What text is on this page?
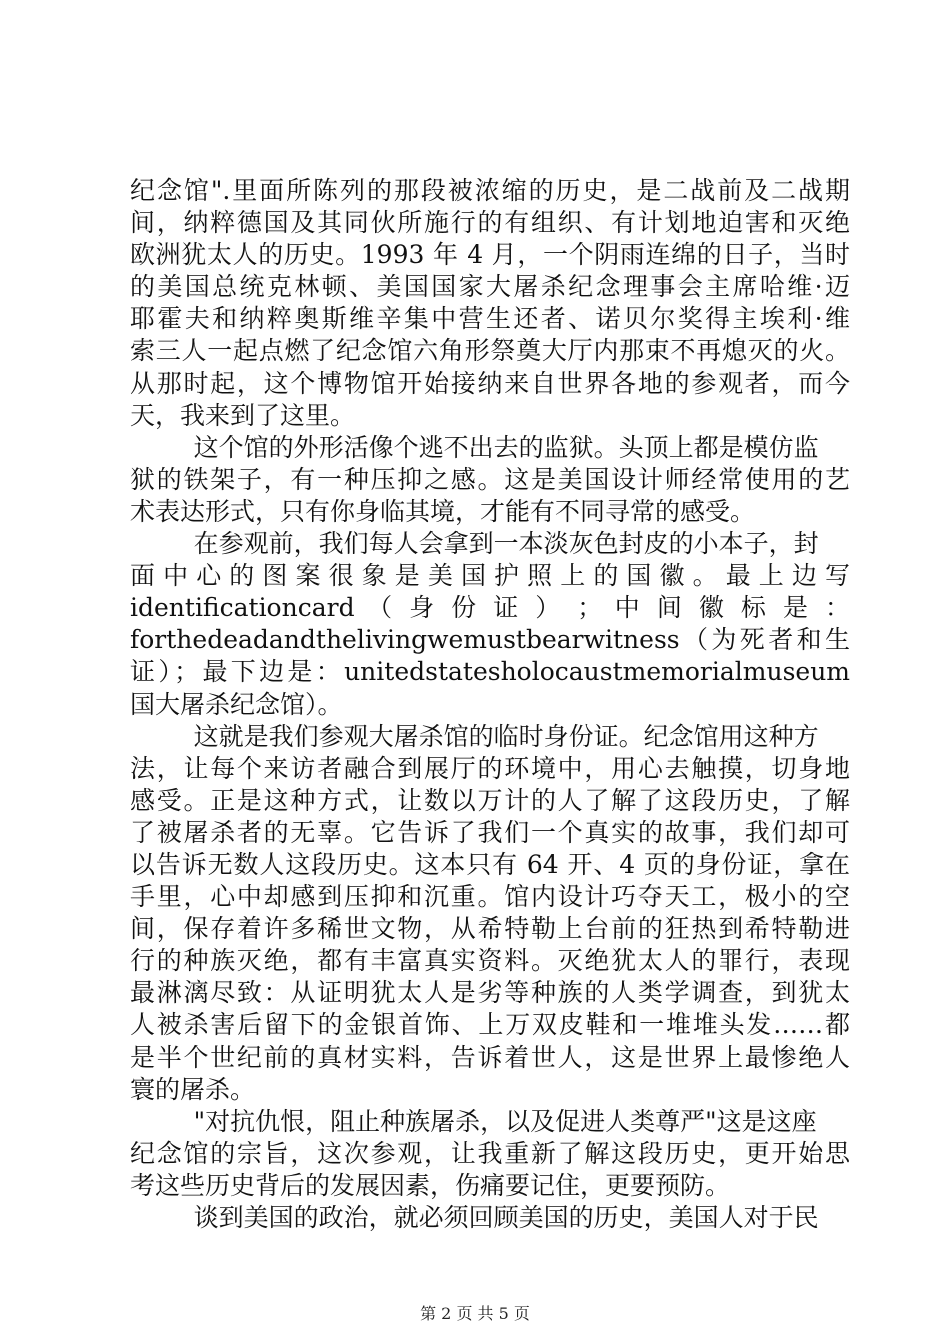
纪念馆".里面所陈列的那段被浓缩的历史，是二战前及二战期
间，纳粹德国及其同伙所施行的有组织、有计划地迫害和灭绝
欧洲犹太人的历史。1993 年 4 月，一个阴雨连绵的日子，当时
的美国总统克林顿、美国国家大屠杀纪念理事会主席哈维·迈
耶霍夫和纳粹奥斯维辛集中营生还者、诺贝尔奖得主埃利·维
索三人一起点燃了纪念馆六角形祭奠大厅内那束不再熄灭的火。
从那时起，这个博物馆开始接纳来自世界各地的参观者，而今
天，我来到了这里。
这个馆的外形活像个逃不出去的监狱。头顶上都是模仿监
狱的铁架子，有一种压抑之感。这是美国设计师经常使用的艺
术表达形式，只有你身临其境，才能有不同寻常的感受。
在参观前，我们每人会拿到一本淡灰色封皮的小本子，封
面 中 心 的 图 案 很 象 是 美 国 护 照 上 的 国 徽 。 最 上 边 写
identificationcard （ 身 份 证 ） ； 中 间 徽 标 是 ：
forthedeadandthelivingwemustbearwitness（为死者和生
证）；最下边是：unitedstatesholocaustmemorialmuseum
国大屠杀纪念馆）。
这就是我们参观大屠杀馆的临时身份证。纪念馆用这种方
法，让每个来访者融合到展厅的环境中，用心去触摸，切身地
感受。正是这种方式，让数以万计的人了解了这段历史，了解
了被屠杀者的无辜。它告诉了我们一个真实的故事，我们却可
以告诉无数人这段历史。这本只有 64 开、4 页的身份证，拿在
手里，心中却感到压抑和沉重。馆内设计巧夺天工，极小的空
间，保存着许多稀世文物，从希特勒上台前的狂热到希特勒进
行的种族灭绝，都有丰富真实资料。灭绝犹太人的罪行，表现
最淋漓尽致：从证明犹太人是劣等种族的人类学调查，到犹太
人被杀害后留下的金银首饰、上万双皮鞋和一堆堆头发……都
是半个世纪前的真材实料，告诉着世人，这是世界上最惨绝人
寰的屠杀。
"对抗仇恨，阻止种族屠杀，以及促进人类尊严"这是这座
纪念馆的宗旨，这次参观，让我重新了解这段历史，更开始思
考这些历史背后的发展因素，伤痛要记住，更要预防。
谈到美国的政治，就必须回顾美国的历史，美国人对于民
第 2 页 共 5 页
